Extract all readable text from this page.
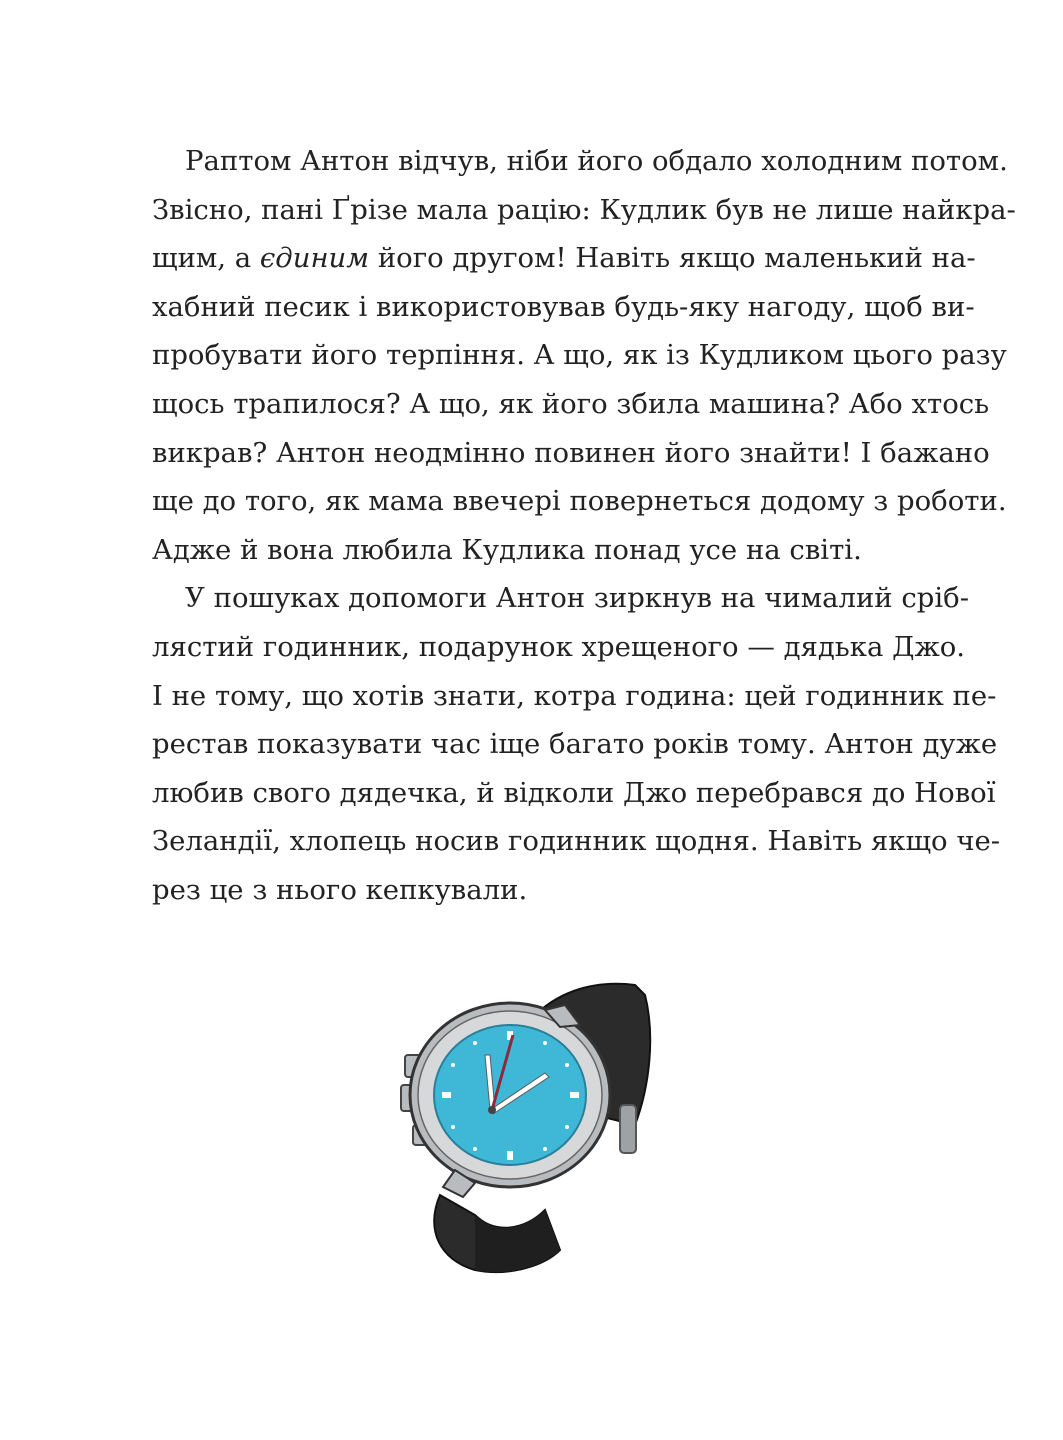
Раптом Антон відчув, ніби його обдало холодним потом.
Звісно, пані Ґрізе мала рацію: Кудлик був не лише найкра-
щим, а єдиним його другом! Навіть якщо маленький на-
хабний песик і використовував будь-яку нагоду, щоб ви-
пробувати його терпіння. А що, як із Кудликом цього разу
щось трапилося? А що, як його збила машина? Або хтось
викрав? Антон неодмінно повинен його знайти! І бажано
ще до того, як мама ввечері повернеться додому з роботи.
Адже й вона любила Кудлика понад усе на світі.
У пошуках допомоги Антон зиркнув на чималий сріб-
лястий годинник, подарунок хрещеного — дядька Джо.
І не тому, що хотів знати, котра година: цей годинник пе-
рестав показувати час іще багато років тому. Антон дуже
любив свого дядечка, й відколи Джо перебрався до Нової
Зеландії, хлопець носив годинник щодня. Навіть якщо че-
рез це з нього кепкували.
